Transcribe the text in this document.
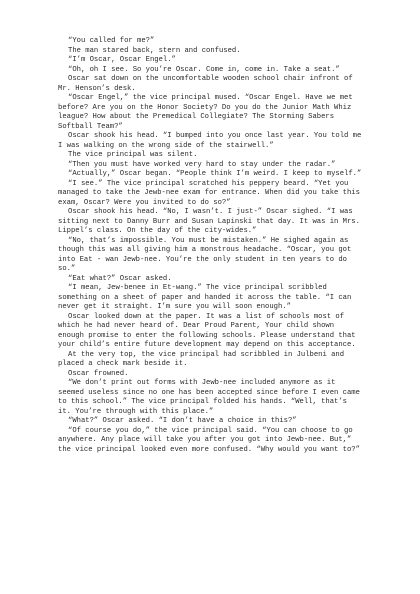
“You called for me?”

The man stared back, stern and confused.

“I’m Oscar, Oscar Engel.”

“Oh, oh I see. So you’re Oscar. Come in, come in. Take a seat.”

Oscar sat down on the uncomfortable wooden school chair infront of Mr. Henson’s desk.

“Oscar Engel,” the vice principal mused. “Oscar Engel. Have we met before? Are you on the Honor Society? Do you do the Junior Math Whiz league? How about the Premedical Collegiate? The Storming Sabers Softball Team?”

Oscar shook his head. “I bumped into you once last year. You told me I was walking on the wrong side of the stairwell.”

The vice principal was silent.

“Then you must have worked very hard to stay under the radar.”

“Actually,” Oscar began. “People think I’m weird. I keep to myself.”

“I see.” The vice principal scratched his peppery beard. “Yet you managed to take the Jewb-nee exam for entrance. When did you take this exam, Oscar? Were you invited to do so?”

Oscar shook his head. “No, I wasn’t. I just-” Oscar sighed. “I was sitting next to Danny Burr and Susan Lapinski that day. It was in Mrs. Lippel’s class. On the day of the city-wides.”

“No, that’s impossible. You must be mistaken.” He sighed again as though this was all giving him a monstrous headache. “Oscar, you got into Eat - wan Jewb-nee. You’re the only student in ten years to do so.”

“Eat what?” Oscar asked.

“I mean, Jew-benee in Et-wang.” The vice principal scribbled something on a sheet of paper and handed it across the table. “I can never get it straight. I’m sure you will soon enough.”

Oscar looked down at the paper. It was a list of schools most of which he had never heard of. Dear Proud Parent, Your child shown enough promise to enter the following schools. Please understand that your child’s entire future development may depend on this acceptance.

At the very top, the vice principal had scribbled in Julbeni and placed a check mark beside it.

Oscar frowned.

“We don’t print out forms with Jewb-nee included anymore as it seemed useless since no one has been accepted since before I even came to this school.” The vice principal folded his hands. “Well, that’s it. You’re through with this place.”

“What?” Oscar asked. “I don’t have a choice in this?”

“Of course you do,” the vice principal said. “You can choose to go anywhere. Any place will take you after you got into Jewb-nee. But,” the vice principal looked even more confused. “Why would you want to?”
